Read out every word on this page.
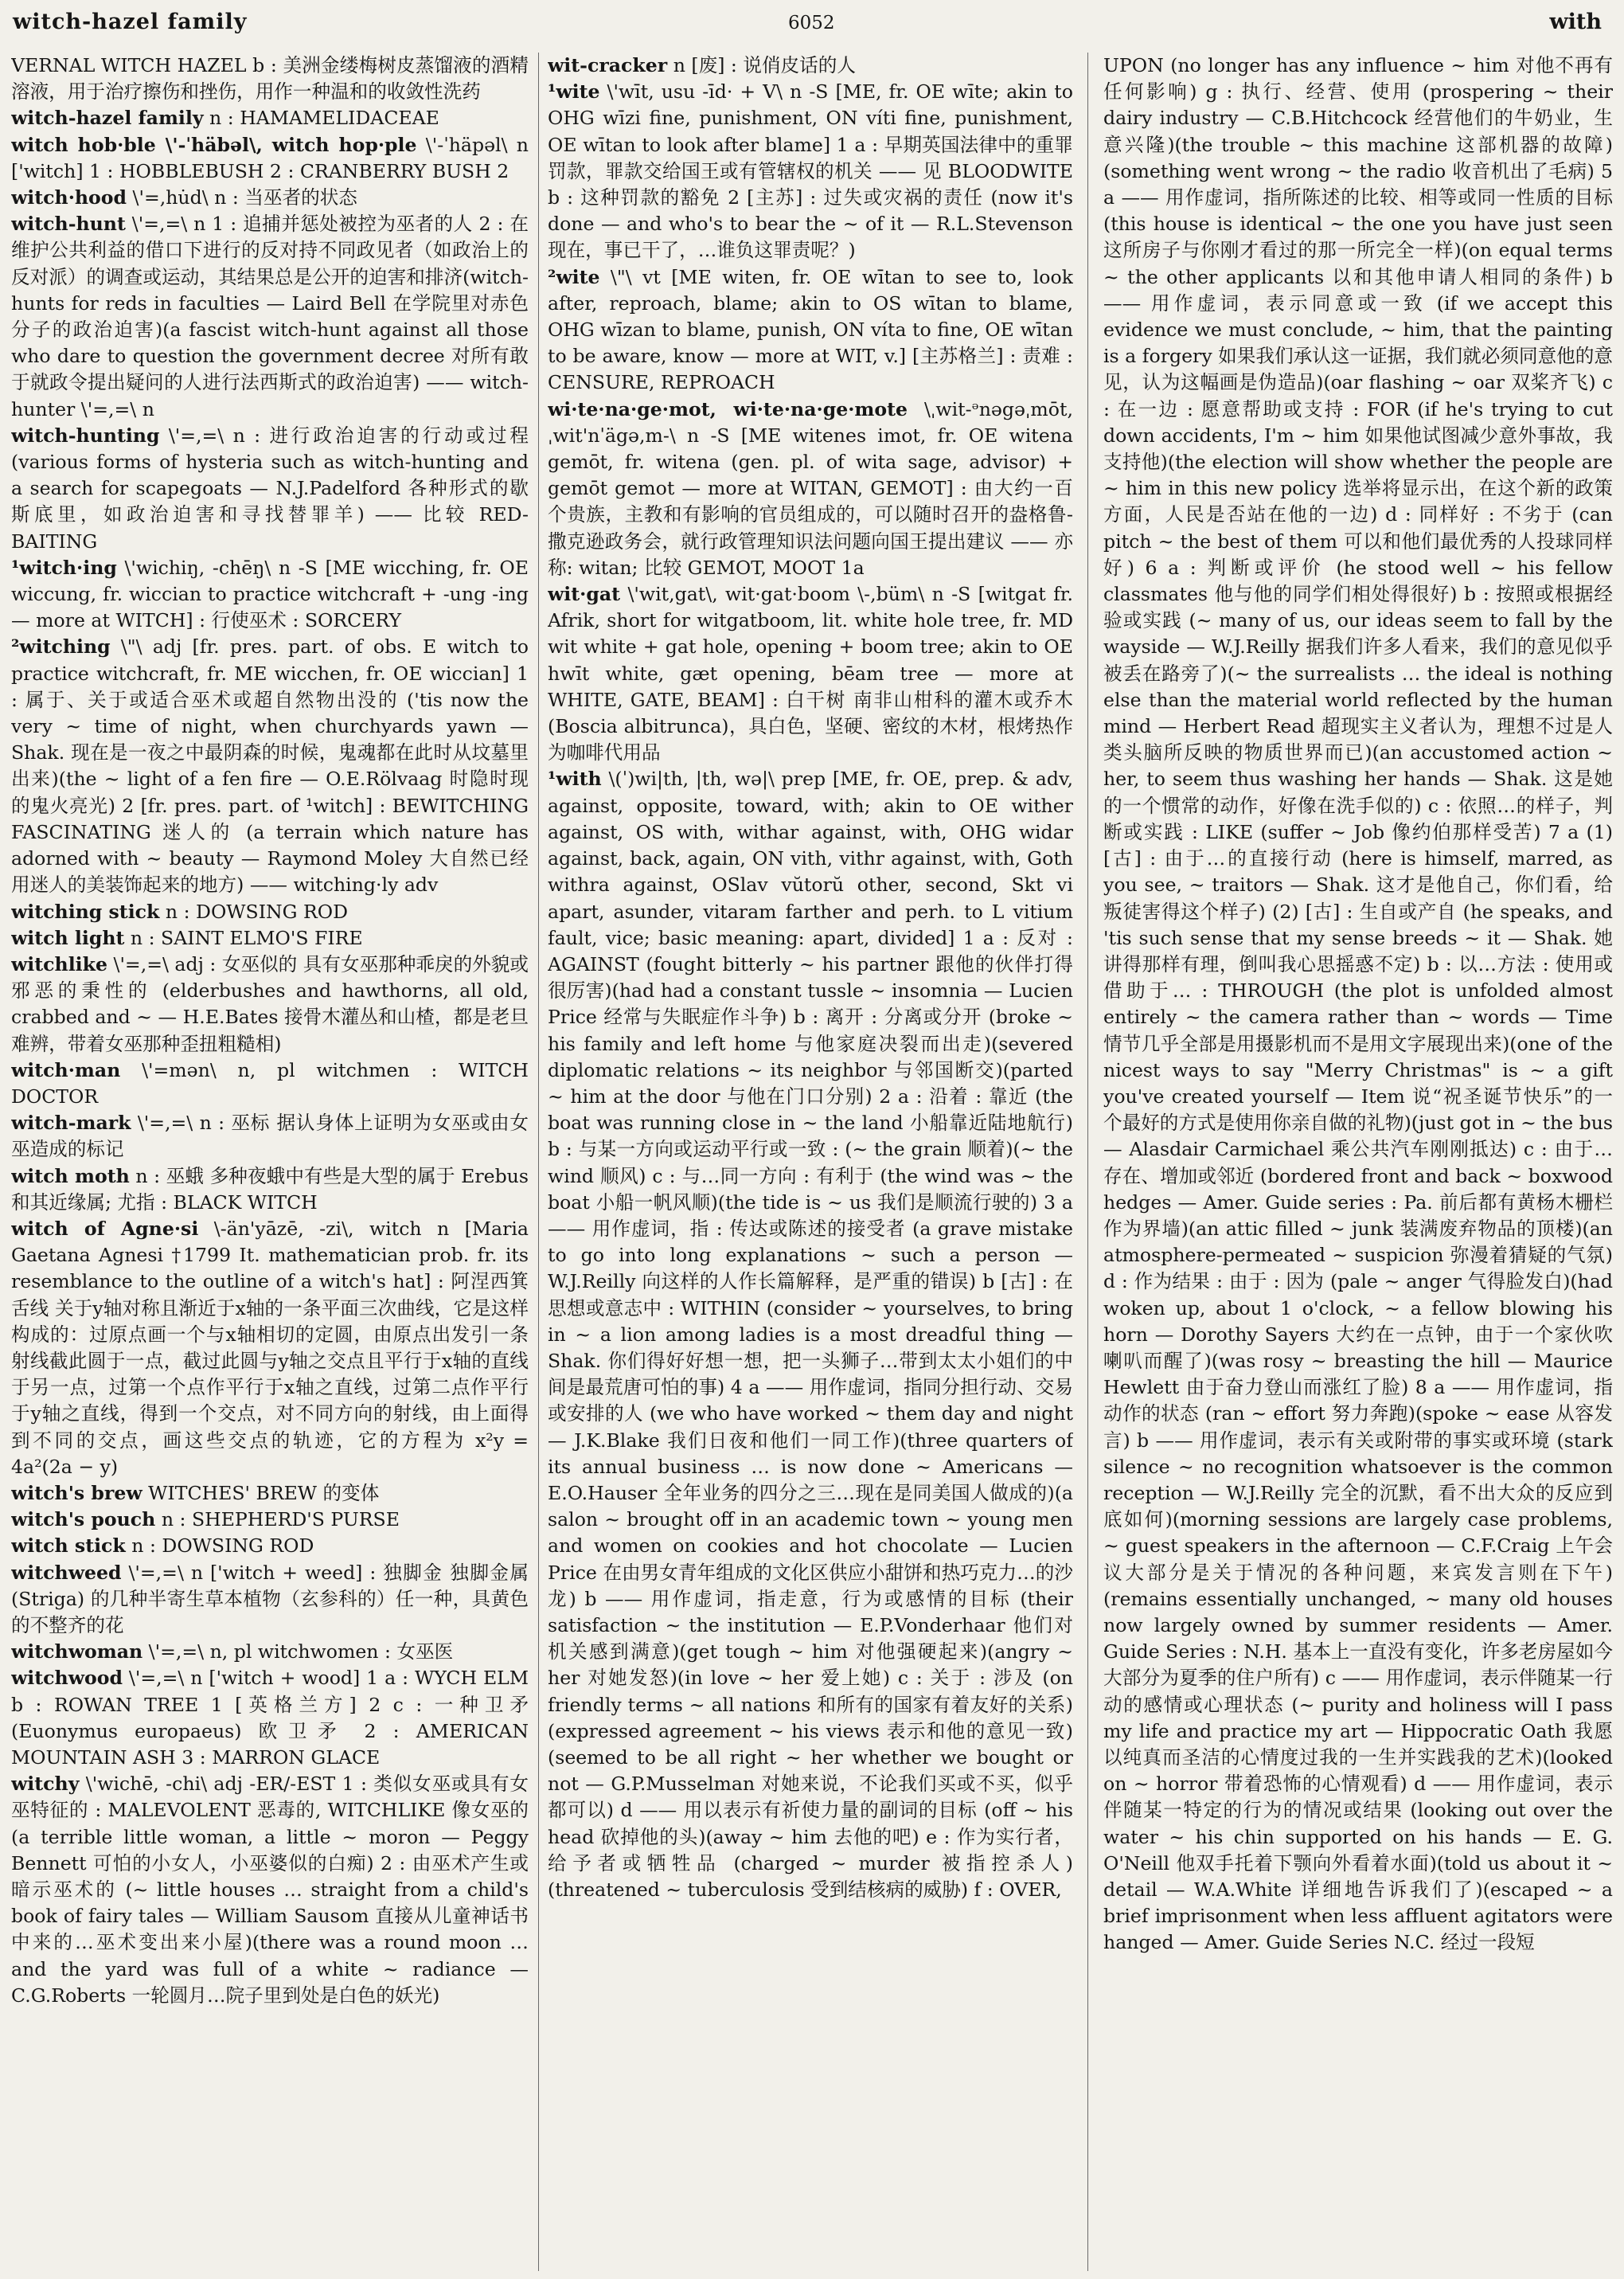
witch-hazel family	6052	with

VERNAL WITCH HAZEL b : 美洲金缕梅树皮蒸馏液的酒精溶液，用于治疗擦伤和挫伤，用作一种温和的收敛性洗药

witch-hazel family n : HAMAMELIDACEAE

witch hob·ble \'-ˈhäbəl\, witch hop·ple \'-ˈhäpəl\ n ['witch] 1 : HOBBLEBUSH 2 : CRANBERRY BUSH 2

witch·hood \'=,hu̇d\ n : 当巫者的状态

witch-hunt \'=,=\ n 1 : 追捕并惩处被控为巫者的人 2 : 在维护公共利益的借口下进行的反对持不同政见者（如政治上的反对派）的调查或运动，其结果总是公开的迫害和排济(witch-hunts for reds in faculties — Laird Bell 在学院里对赤色分子的政治迫害)(a fascist witch-hunt against all those who dare to question the government decree 对所有敢于就政令提出疑问的人进行法西斯式的政治迫害) —— witch-hunter \'=,=\ n

witch-hunting \'=,=\ n : 进行政治迫害的行动或过程 (various forms of hysteria such as witch-hunting and a search for scapegoats — N.J.Padelford 各种形式的歇斯底里，如政治迫害和寻找替罪羊) —— 比较 RED-BAITING

¹witch·ing \'wichiŋ, -chēŋ\ n -S [ME wicching, fr. OE wiccung, fr. wiccian to practice witchcraft + -ung -ing — more at WITCH] : 行使巫术 : SORCERY

²witching \"\ adj [fr. pres. part. of obs. E witch to practice witchcraft, fr. ME wicchen, fr. OE wiccian] 1 : 属于、关于或适合巫术或超自然物出没的 ('tis now the very ~ time of night, when churchyards yawn — Shak. 现在是一夜之中最阴森的时候，鬼魂都在此时从坟墓里出来)(the ~ light of a fen fire — O.E.Rölvaag 时隐时现的鬼火亮光) 2 [fr. pres. part. of ¹witch] : BEWITCHING FASCINATING 迷人的 (a terrain which nature has adorned with ~ beauty — Raymond Moley 大自然已经用迷人的美装饰起来的地方) —— witching·ly adv

witching stick n : DOWSING ROD

witch light n : SAINT ELMO'S FIRE

witchlike \'=,=\ adj : 女巫似的 具有女巫那种乖戾的外貌或邪恶的秉性的 (elderbushes and hawthorns, all old, crabbed and ~ — H.E.Bates 接骨木灌丛和山楂，都是老旦难辨，带着女巫那种歪扭粗糙相)

witch·man \'=mən\ n, pl witchmen : WITCH DOCTOR

witch-mark \'=,=\ n : 巫标 据认身体上证明为女巫或由女巫造成的标记

witch moth n : 巫蛾 多种夜蛾中有些是大型的属于 Erebus 和其近缘属; 尤指 : BLACK WITCH

witch of Agne·si \-än'yāzē, -zi\, witch n [Maria Gaetana Agnesi †1799 It. mathematician prob. fr. its resemblance to the outline of a witch's hat] : 阿涅西箕舌线 关于y轴对称且渐近于x轴的一条平面三次曲线，它是这样构成的：过原点画一个与x轴相切的定圆，由原点出发引一条射线截此圆于一点，截过此圆与y轴之交点且平行于x轴的直线于另一点，过第一个点作平行于x轴之直线，过第二点作平行于y轴之直线，得到一个交点，对不同方向的射线，由上面得到不同的交点，画这些交点的轨迹，它的方程为 x²y = 4a²(2a − y)

witch's brew WITCHES' BREW 的变体

witch's pouch n : SHEPHERD'S PURSE

witch stick n : DOWSING ROD

witchweed \'=,=\ n ['witch + weed] : 独脚金 独脚金属 (Striga) 的几种半寄生草本植物（玄参科的）任一种，具黄色的不整齐的花

witchwoman \'=,=\ n, pl witchwomen : 女巫医

witchwood \'=,=\ n ['witch + wood] 1 a : WYCH ELM b : ROWAN TREE 1 [英格兰方] 2 c : 一种卫矛 (Euonymus europaeus) 欧卫矛 2 : AMERICAN MOUNTAIN ASH 3 : MARRON GLACE

witchy \'wichē, -chi\ adj -ER/-EST 1 : 类似女巫或具有女巫特征的 : MALEVOLENT 恶毒的, WITCHLIKE 像女巫的 (a terrible little woman, a little ~ moron — Peggy Bennett 可怕的小女人，小巫婆似的白痴) 2 : 由巫术产生或暗示巫术的 (~ little houses … straight from a child's book of fairy tales — William Sausom 直接从儿童神话书中来的…巫术变出来小屋)(there was a round moon … and the yard was full of a white ~ radiance — C.G.Roberts 一轮圆月…院子里到处是白色的妖光)

wit-cracker n [废] : 说俏皮话的人

¹wite \'wīt, usu -īd· + V\ n -S [ME, fr. OE wīte; akin to OHG wīzi fine, punishment, ON víti fine, punishment, OE wītan to look after blame] 1 a : 早期英国法律中的重罪罚款，罪款交给国王或有管辖权的机关 —— 见 BLOODWITE b : 这种罚款的豁免 2 [主苏] : 过失或灾祸的责任 (now it's done — and who's to bear the ~ of it — R.L.Stevenson 现在，事已干了，…谁负这罪责呢？)

²wite \"\ vt [ME witen, fr. OE wītan to see to, look after, reproach, blame; akin to OS wītan to blame, OHG wīzan to blame, punish, ON víta to fine, OE wītan to be aware, know — more at WIT, v.] [主苏格兰] : 责难 : CENSURE, REPROACH

wi·te·na·ge·mot, wi·te·na·ge·mote \ˌwit-ᵊnəgəˌmōt, ˌwit'nˈägə,m-\ n -S [ME witenes imot, fr. OE witena gemōt, fr. witena (gen. pl. of wita sage, advisor) + gemōt gemot — more at WITAN, GEMOT] : 由大约一百个贵族，主教和有影响的官员组成的，可以随时召开的盎格鲁-撒克逊政务会，就行政管理知识法问题向国王提出建议 —— 亦称: witan; 比较 GEMOT, MOOT 1a

wit·gat \'wit,gat\, wit·gat·boom \-,büm\ n -S [witgat fr. Afrik, short for witgatboom, lit. white hole tree, fr. MD wit white + gat hole, opening + boom tree; akin to OE hwīt white, gæt opening, bēam tree — more at WHITE, GATE, BEAM] : 白干树 南非山柑科的灌木或乔木 (Boscia albitrunca)，具白色，坚硬、密纹的木材，根烤热作为咖啡代用品

¹with \(ˈ)wi|th, |th, wə|\ prep [ME, fr. OE, prep. & adv, against, opposite, toward, with; akin to OE wither against, OS with, withar against, with, OHG widar against, back, again, ON vith, vithr against, with, Goth withra against, OSlav vŭtorŭ other, second, Skt vi apart, asunder, vitaram farther and perh. to L vitium fault, vice; basic meaning: apart, divided] 1 a : 反对 : AGAINST (fought bitterly ~ his partner 跟他的伙伴打得很厉害)(had had a constant tussle ~ insomnia — Lucien Price 经常与失眠症作斗争) b : 离开 : 分离或分开 (broke ~ his family and left home 与他家庭决裂而出走)(severed diplomatic relations ~ its neighbor 与邻国断交)(parted ~ him at the door 与他在门口分别) 2 a : 沿着 : 靠近 (the boat was running close in ~ the land 小船靠近陆地航行) b : 与某一方向或运动平行或一致 : (~ the grain 顺着)(~ the wind 顺风) c : 与…同一方向 : 有利于 (the wind was ~ the boat 小船一帆风顺)(the tide is ~ us 我们是顺流行驶的) 3 a —— 用作虚词，指 : 传达或陈述的接受者 (a grave mistake to go into long explanations ~ such a person — W.J.Reilly 向这样的人作长篇解释，是严重的错误) b [古] : 在思想或意志中 : WITHIN (consider ~ yourselves, to bring in ~ a lion among ladies is a most dreadful thing — Shak. 你们得好好想一想，把一头狮子…带到太太小姐们的中间是最荒唐可怕的事) 4 a —— 用作虚词，指同分担行动、交易或安排的人 (we who have worked ~ them day and night — J.K.Blake 我们日夜和他们一同工作)(three quarters of its annual business … is now done ~ Americans — E.O.Hauser 全年业务的四分之三…现在是同美国人做成的)(a salon ~ brought off in an academic town ~ young men and women on cookies and hot chocolate — Lucien Price 在由男女青年组成的文化区供应小甜饼和热巧克力…的沙龙) b —— 用作虚词，指走意，行为或感情的目标 (their satisfaction ~ the institution — E.P.Vonderhaar 他们对机关感到满意)(get tough ~ him 对他强硬起来)(angry ~ her 对她发怒)(in love ~ her 爱上她) c : 关于 : 涉及 (on friendly terms ~ all nations 和所有的国家有着友好的关系)(expressed agreement ~ his views 表示和他的意见一致)(seemed to be all right ~ her whether we bought or not — G.P.Musselman 对她来说，不论我们买或不买，似乎都可以) d —— 用以表示有祈使力量的副词的目标 (off ~ his head 砍掉他的头)(away ~ him 去他的吧) e : 作为实行者，给予者或牺牲品 (charged ~ murder 被指控杀人)(threatened ~ tuberculosis 受到结核病的威胁) f : OVER,

UPON (no longer has any influence ~ him 对他不再有任何影响) g : 执行、经营、使用 (prospering ~ their dairy industry — C.B.Hitchcock 经营他们的牛奶业，生意兴隆)(the trouble ~ this machine 这部机器的故障)(something went wrong ~ the radio 收音机出了毛病) 5 a —— 用作虚词，指所陈述的比较、相等或同一性质的目标 (this house is identical ~ the one you have just seen 这所房子与你刚才看过的那一所完全一样)(on equal terms ~ the other applicants 以和其他申请人相同的条件) b —— 用作虚词，表示同意或一致 (if we accept this evidence we must conclude, ~ him, that the painting is a forgery 如果我们承认这一证据，我们就必须同意他的意见，认为这幅画是伪造品)(oar flashing ~ oar 双桨齐飞) c : 在一边 : 愿意帮助或支持 : FOR (if he's trying to cut down accidents, I'm ~ him 如果他试图减少意外事故，我支持他)(the election will show whether the people are ~ him in this new policy 选举将显示出，在这个新的政策方面，人民是否站在他的一边) d : 同样好 : 不劣于 (can pitch ~ the best of them 可以和他们最优秀的人投球同样好) 6 a : 判断或评价 (he stood well ~ his fellow classmates 他与他的同学们相处得很好) b : 按照或根据经验或实践 (~ many of us, our ideas seem to fall by the wayside — W.J.Reilly 据我们许多人看来，我们的意见似乎被丢在路旁了)(~ the surrealists … the ideal is nothing else than the material world reflected by the human mind — Herbert Read 超现实主义者认为，理想不过是人类头脑所反映的物质世界而已)(an accustomed action ~ her, to seem thus washing her hands — Shak. 这是她的一个惯常的动作，好像在洗手似的) c : 依照…的样子，判断或实践 : LIKE (suffer ~ Job 像约伯那样受苦) 7 a (1) [古] : 由于…的直接行动 (here is himself, marred, as you see, ~ traitors — Shak. 这才是他自己，你们看，给叛徒害得这个样子) (2) [古] : 生自或产自 (he speaks, and 'tis such sense that my sense breeds ~ it — Shak. 她讲得那样有理，倒叫我心思摇惑不定) b : 以…方法 : 使用或借助于… : THROUGH (the plot is unfolded almost entirely ~ the camera rather than ~ words — Time 情节几乎全部是用摄影机而不是用文字展现出来)(one of the nicest ways to say "Merry Christmas" is ~ a gift you've created yourself — Item 说“祝圣诞节快乐”的一个最好的方式是使用你亲自做的礼物)(just got in ~ the bus — Alasdair Carmichael 乘公共汽车刚刚抵达) c : 由于…存在、增加或邻近 (bordered front and back ~ boxwood hedges — Amer. Guide series : Pa. 前后都有黄杨木栅栏作为界墙)(an attic filled ~ junk 装满废弃物品的顶楼)(an atmosphere-permeated ~ suspicion 弥漫着猜疑的气氛) d : 作为结果 : 由于 : 因为 (pale ~ anger 气得脸发白)(had woken up, about 1 o'clock, ~ a fellow blowing his horn — Dorothy Sayers 大约在一点钟，由于一个家伙吹喇叭而醒了)(was rosy ~ breasting the hill — Maurice Hewlett 由于奋力登山而涨红了脸) 8 a —— 用作虚词，指动作的状态 (ran ~ effort 努力奔跑)(spoke ~ ease 从容发言) b —— 用作虚词，表示有关或附带的事实或环境 (stark silence ~ no recognition whatsoever is the common reception — W.J.Reilly 完全的沉默，看不出大众的反应到底如何)(morning sessions are largely case problems, ~ guest speakers in the afternoon — C.F.Craig 上午会议大部分是关于情况的各种问题，来宾发言则在下午)(remains essentially unchanged, ~ many old houses now largely owned by summer residents — Amer. Guide Series : N.H. 基本上一直没有变化，许多老房屋如今大部分为夏季的住户所有) c —— 用作虚词，表示伴随某一行动的感情或心理状态 (~ purity and holiness will I pass my life and practice my art — Hippocratic Oath 我愿以纯真而圣洁的心情度过我的一生并实践我的艺术)(looked on ~ horror 带着恐怖的心情观看) d —— 用作虚词，表示伴随某一特定的行为的情况或结果 (looking out over the water ~ his chin supported on his hands — E. G. O'Neill 他双手托着下颚向外看着水面)(told us about it ~ detail — W.A.White 详细地告诉我们了)(escaped ~ a brief imprisonment when less affluent agitators were hanged — Amer. Guide Series N.C. 经过一段短
